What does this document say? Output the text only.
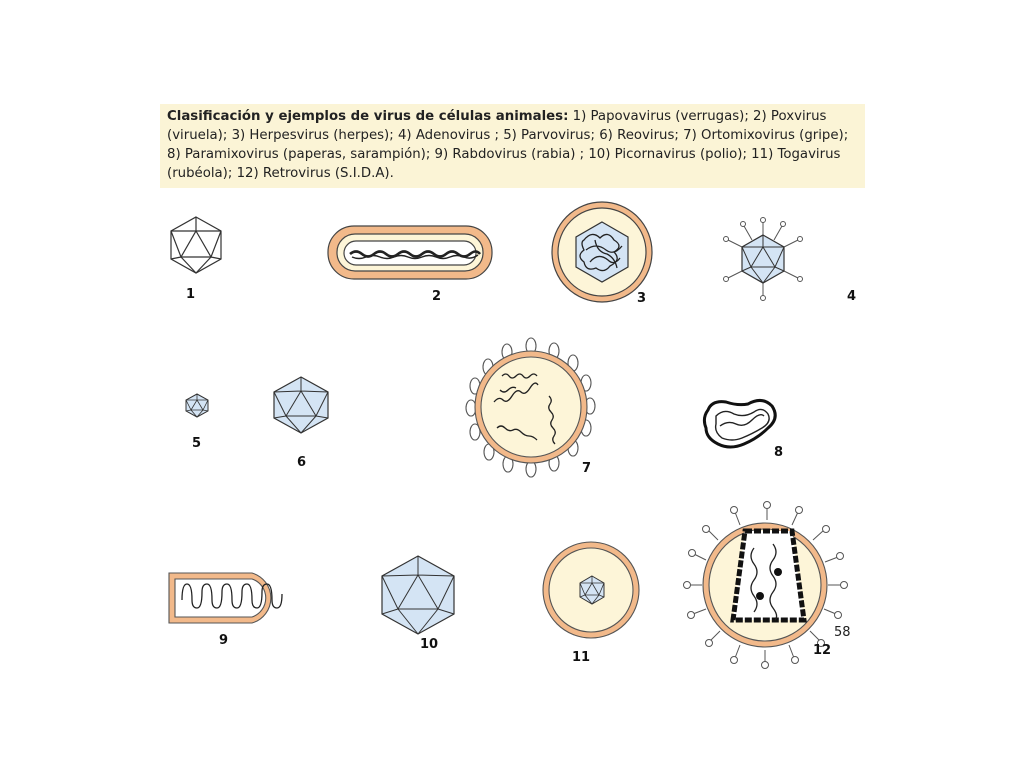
Clasificación y ejemplos de virus de células animales: 1) Papovavirus (verrugas); 2) Poxvirus (viruela); 3) Herpesvirus (herpes); 4) Adenovirus ; 5) Parvovirus; 6) Reovirus; 7) Ortomixovirus (gripe); 8) Paramixovirus (paperas, sarampión); 9) Rabdovirus (rabia) ; 10) Picornavirus (polio); 11) Togavirus (rubéola); 12) Retrovirus (S.I.D.A).
1	2	3	4
5
6	7
8
9	10
11	12
58
